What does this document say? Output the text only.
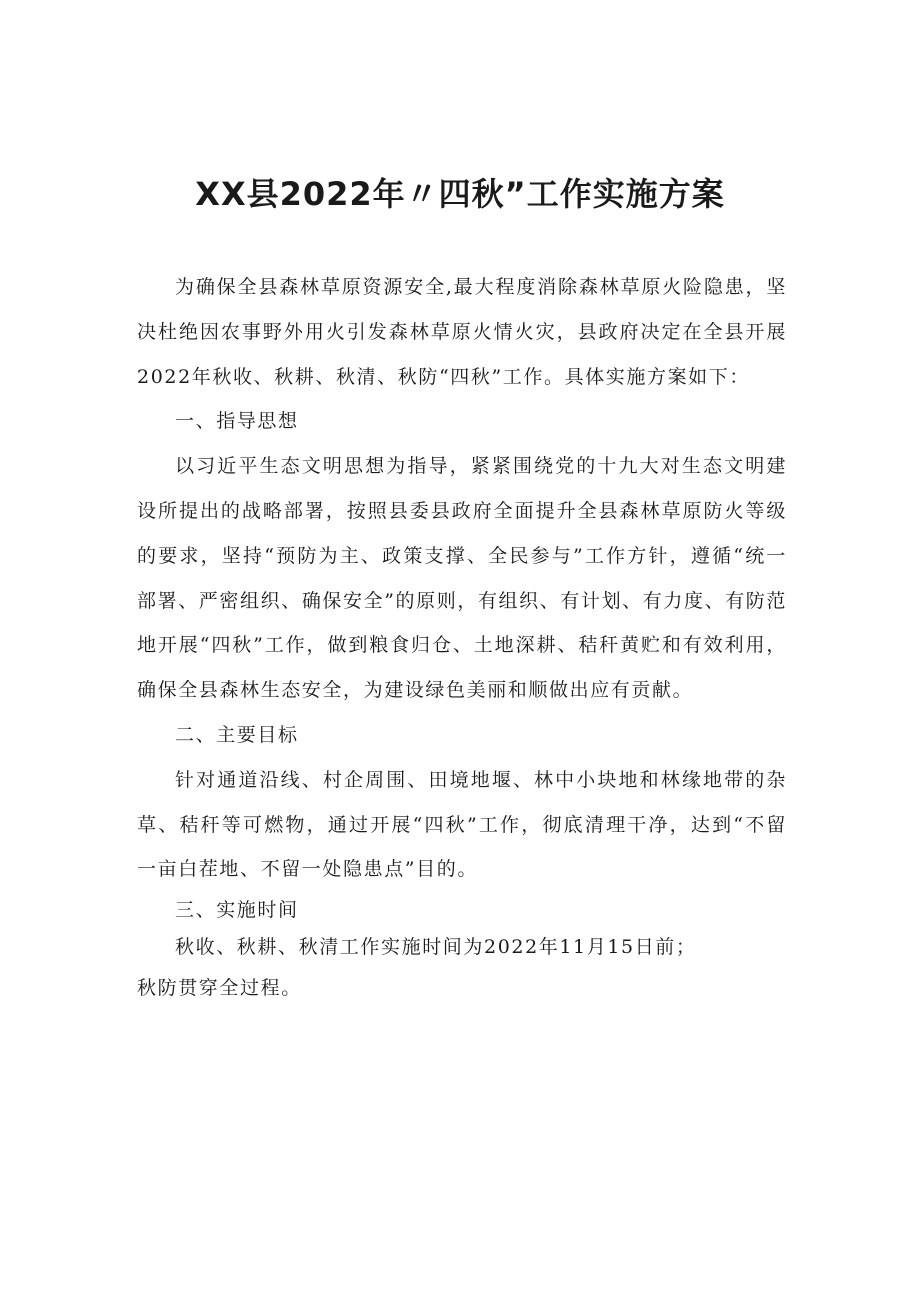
XX县2022年〃四秋”工作实施方案

为确保全县森林草原资源安全,最大程度消除森林草原火险隐患，坚决杜绝因农事野外用火引发森林草原火情火灾，县政府决定在全县开展2022年秋收、秋耕、秋清、秋防“四秋”工作。具体实施方案如下：

一、指导思想

以习近平生态文明思想为指导，紧紧围绕党的十九大对生态文明建设所提出的战略部署，按照县委县政府全面提升全县森林草原防火等级的要求，坚持“预防为主、政策支撑、全民参与”工作方针，遵循“统一部署、严密组织、确保安全”的原则，有组织、有计划、有力度、有防范地开展“四秋”工作，做到粮食归仓、土地深耕、秸秆黄贮和有效利用，确保全县森林生态安全，为建设绿色美丽和顺做出应有贡献。

二、主要目标

针对通道沿线、村企周围、田境地堰、林中小块地和林缘地带的杂草、秸秆等可燃物，通过开展“四秋”工作，彻底清理干净，达到“不留一亩白茬地、不留一处隐患点”目的。

三、实施时间

秋收、秋耕、秋清工作实施时间为2022年11月15日前；

秋防贯穿全过程。
